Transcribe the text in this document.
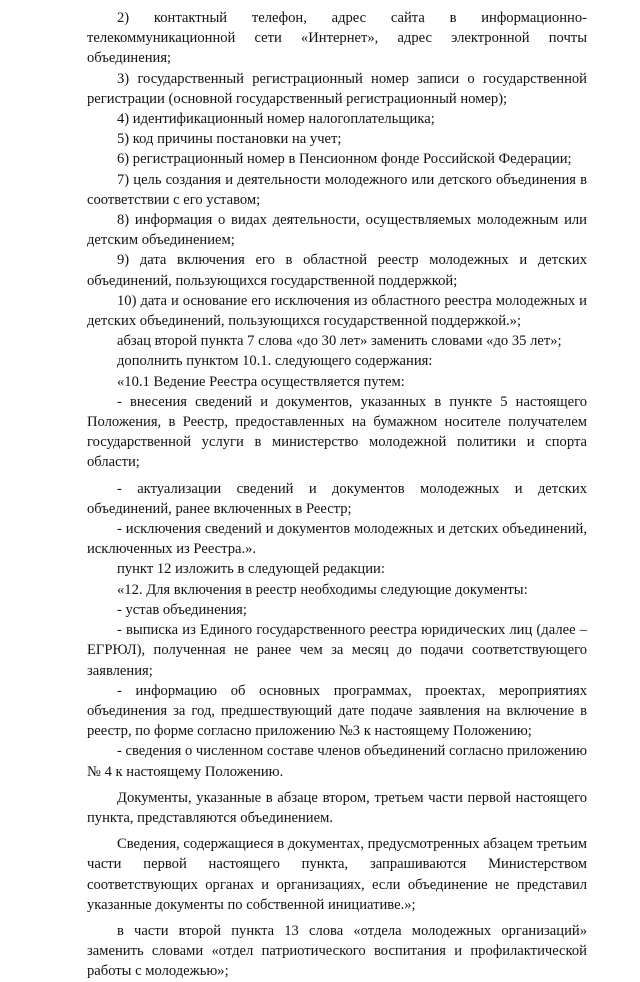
2) контактный телефон, адрес сайта в информационно-телекоммуникационной сети «Интернет», адрес электронной почты объединения;

3) государственный регистрационный номер записи о государственной регистрации (основной государственный регистрационный номер);

4) идентификационный номер налогоплательщика;

5) код причины постановки на учет;

6) регистрационный номер в Пенсионном фонде Российской Федерации;

7) цель создания и деятельности молодежного или детского объединения в соответствии с его уставом;

8) информация о видах деятельности, осуществляемых молодежным или детским объединением;

9) дата включения его в областной реестр молодежных и детских объединений, пользующихся государственной поддержкой;

10) дата и основание его исключения из областного реестра молодежных и детских объединений, пользующихся государственной поддержкой.»;

абзац второй пункта 7 слова «до 30 лет» заменить словами «до 35 лет»;

дополнить пунктом 10.1. следующего содержания:

«10.1 Ведение Реестра осуществляется путем:

- внесения сведений и документов, указанных в пункте 5 настоящего Положения, в Реестр, предоставленных на бумажном носителе получателем государственной услуги в министерство молодежной политики и спорта области;

- актуализации сведений и документов молодежных и детских объединений, ранее включенных в Реестр;

- исключения сведений и документов молодежных и детских объединений, исключенных из Реестра.».

пункт 12 изложить в следующей редакции:

«12. Для включения в реестр необходимы следующие документы:

- устав объединения;

- выписка из Единого государственного реестра юридических лиц (далее –ЕГРЮЛ), полученная не ранее чем за месяц до подачи соответствующего заявления;

- информацию об основных программах, проектах, мероприятиях объединения за год, предшествующий дате подаче заявления на включение в реестр, по форме согласно приложению №3 к настоящему Положению;

- сведения о численном составе членов объединений согласно приложению № 4 к настоящему Положению.

Документы, указанные в абзаце втором, третьем части первой настоящего пункта, представляются объединением.

Сведения, содержащиеся в документах, предусмотренных абзацем третьим части первой настоящего пункта, запрашиваются Министерством соответствующих органах и организациях, если объединение не представил указанные документы по собственной инициативе.»;

в части второй пункта 13 слова «отдела молодежных организаций» заменить словами «отдел патриотического воспитания и профилактической работы с молодежью»;
